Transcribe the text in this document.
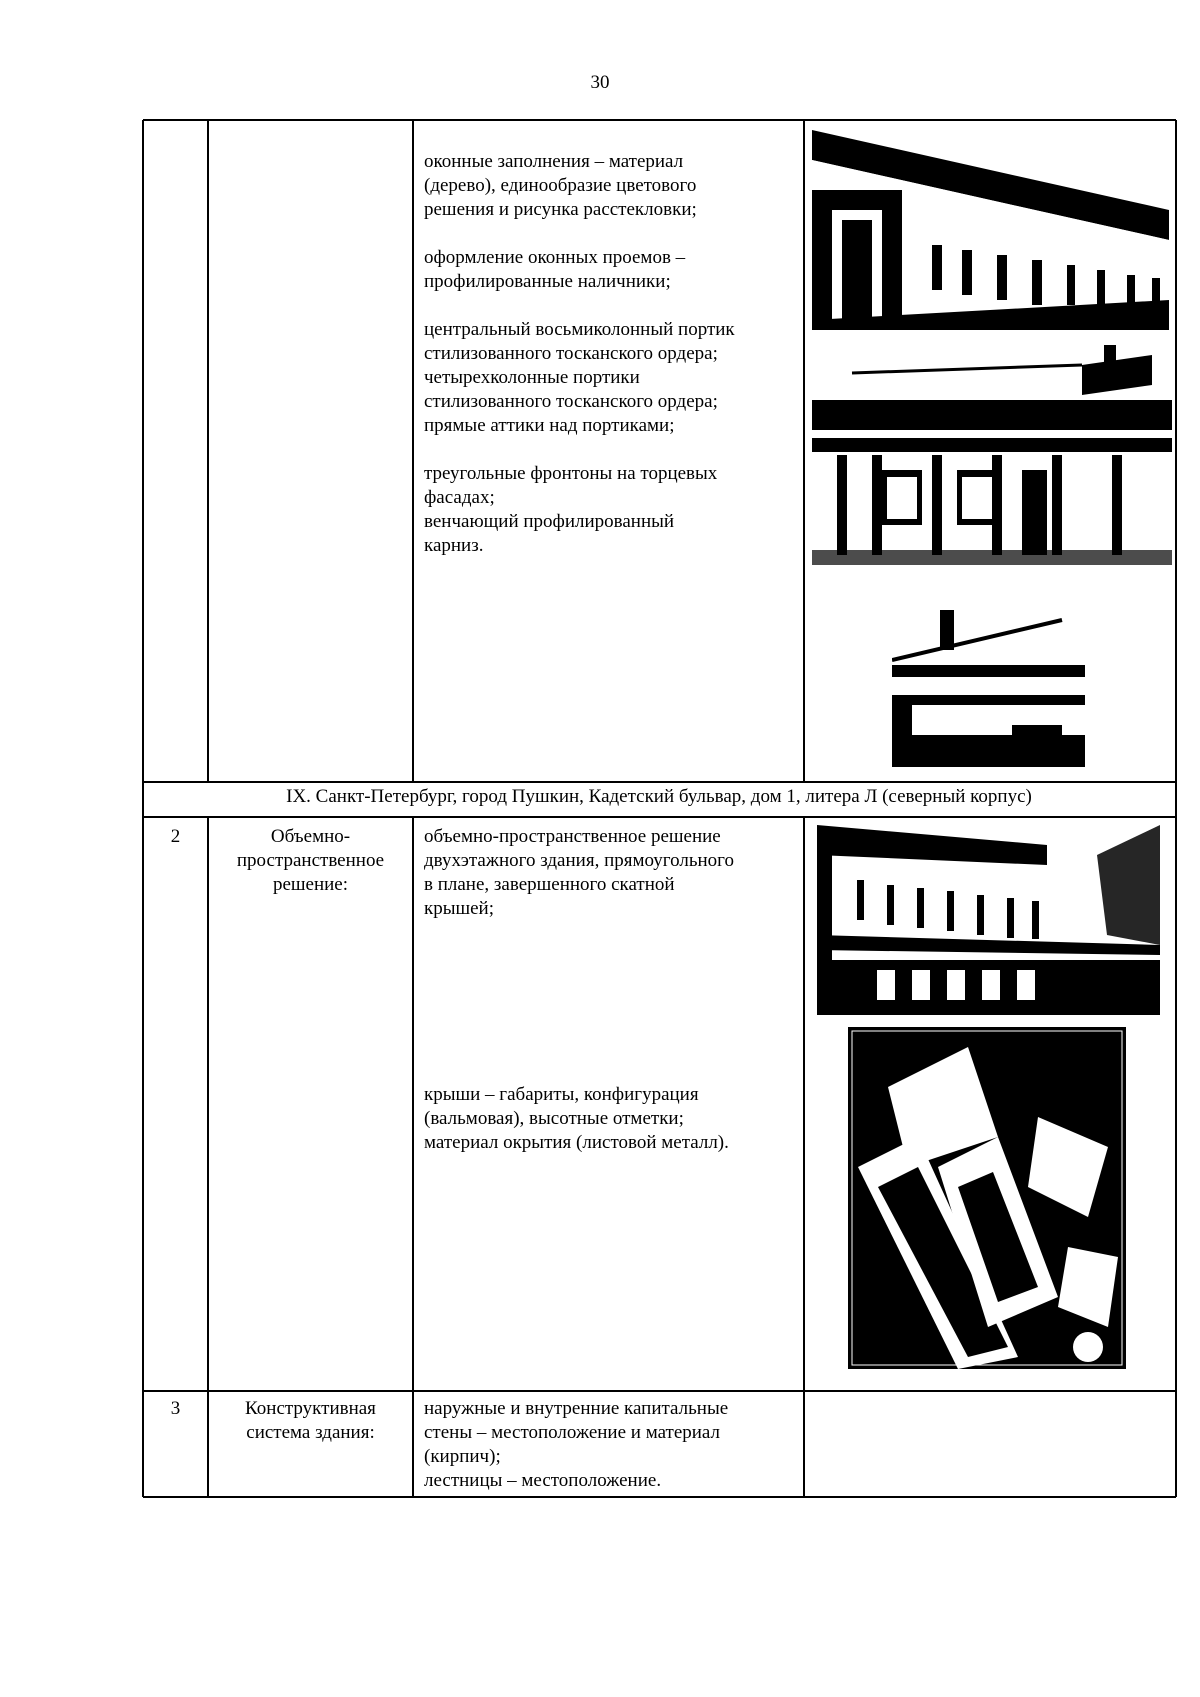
30

оконные заполнения – материал

(дерево), единообразие цветового

решения и рисунка расстекловки;

оформление оконных проемов –

профилированные наличники;

центральный восьмиколонный портик

стилизованного тосканского ордера;

четырехколонные портики

стилизованного тосканского ордера;

прямые аттики над портиками;

треугольные фронтоны на торцевых

фасадах;

венчающий профилированный

карниз.

IX. Санкт-Петербург, город Пушкин, Кадетский бульвар, дом 1, литера Л (северный корпус)
2	Объемно-

пространственное

решение:

объемно-пространственное решение

двухэтажного здания, прямоугольного

в плане, завершенного скатной

крышей;

крыши – габариты, конфигурация

(вальмовая), высотные отметки;

материал окрытия (листовой металл).

3	Конструктивная

система здания:

наружные и внутренние капитальные

стены – местоположение и материал

(кирпич);

лестницы – местоположение.
